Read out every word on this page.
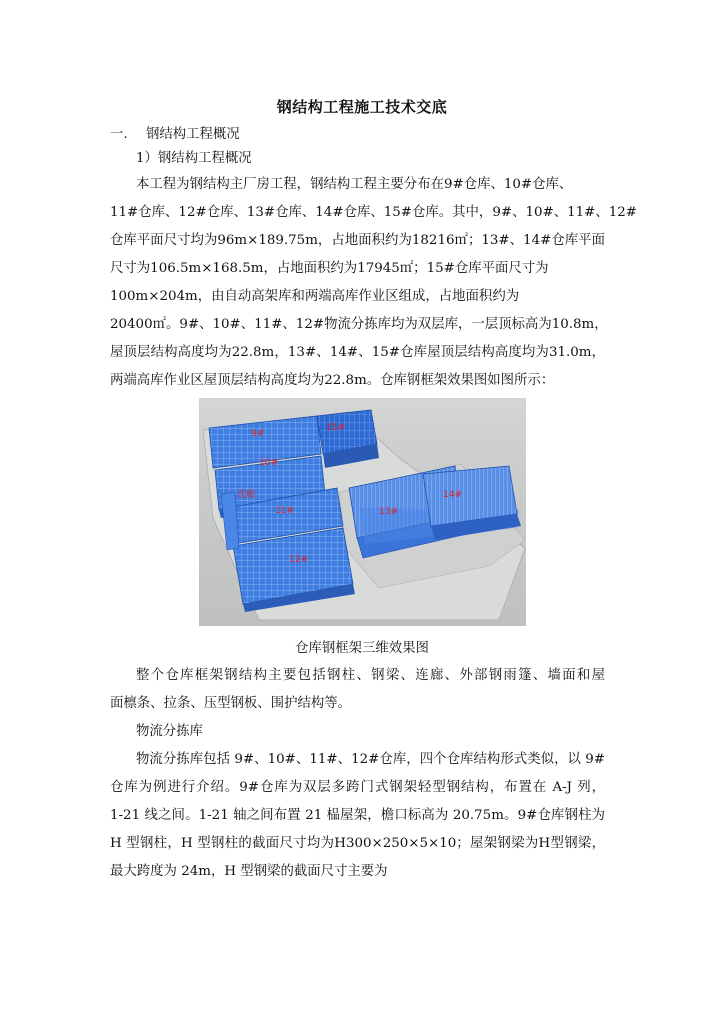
钢结构工程施工技术交底
一. 钢结构工程概况
1）钢结构工程概况
本工程为钢结构主厂房工程，钢结构工程主要分布在9#仓库、10#仓库、
11#仓库、12#仓库、13#仓库、14#仓库、15#仓库。其中，9#、10#、11#、12#
仓库平面尺寸均为96m×189.75m，占地面积约为18216㎡；13#、14#仓库平面
尺寸为106.5m×168.5m，占地面积约为17945㎡；15#仓库平面尺寸为
100m×204m，由自动高架库和两端高库作业区组成，占地面积约为
20400㎡。9#、10#、11#、12#物流分拣库均为双层库，一层顶标高为10.8m，
屋顶层结构高度均为22.8m，13#、14#、15#仓库屋顶层结构高度均为31.0m，
两端高库作业区屋顶层结构高度均为22.8m。仓库钢框架效果图如图所示：
9#
10#
15#
连廊
11#
12#
13#
14#
仓库钢框架三维效果图
整个仓库框架钢结构主要包括钢柱、钢梁、连廊、外部钢雨篷、墙面和屋
面檩条、拉条、压型钢板、围护结构等。
物流分拣库
物流分拣库包括 9#、10#、11#、12#仓库，四个仓库结构形式类似，以 9#
仓库为例进行介绍。9#仓库为双层多跨门式钢架轻型钢结构，布置在 A-J 列，
1-21 线之间。1-21 轴之间布置 21 榀屋架，檐口标高为 20.75m。9#仓库钢柱为
H 型钢柱，H 型钢柱的截面尺寸均为H300×250×5×10；屋架钢梁为H型钢梁，
最大跨度为 24m，H 型钢梁的截面尺寸主要为
